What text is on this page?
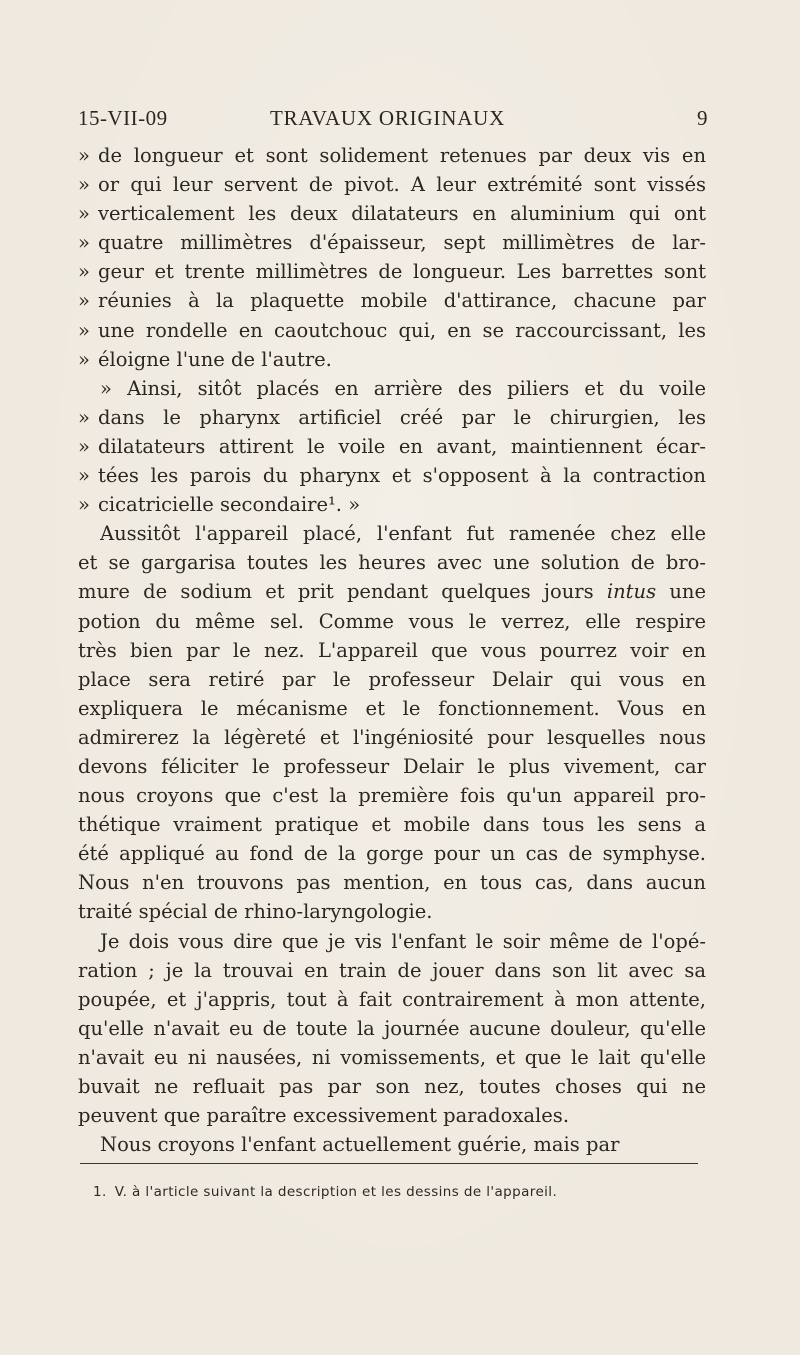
15-VII-09	TRAVAUX ORIGINAUX	9
» de longueur et sont solidement retenues par deux vis en
» or qui leur servent de pivot. A leur extrémité sont vissés
» verticalement les deux dilatateurs en aluminium qui ont
» quatre millimètres d'épaisseur, sept millimètres de lar-
» geur et trente millimètres de longueur. Les barrettes sont
» réunies à la plaquette mobile d'attirance, chacune par
» une rondelle en caoutchouc qui, en se raccourcissant, les
» éloigne l'une de l'autre.
» Ainsi, sitôt placés en arrière des piliers et du voile
» dans le pharynx artificiel créé par le chirurgien, les
» dilatateurs attirent le voile en avant, maintiennent écar-
» tées les parois du pharynx et s'opposent à la contraction
» cicatricielle secondaire¹. »
Aussitôt l'appareil placé, l'enfant fut ramenée chez elle
et se gargarisa toutes les heures avec une solution de bro-
mure de sodium et prit pendant quelques jours intus une
potion du même sel. Comme vous le verrez, elle respire
très bien par le nez. L'appareil que vous pourrez voir en
place sera retiré par le professeur Delair qui vous en
expliquera le mécanisme et le fonctionnement. Vous en
admirerez la légèreté et l'ingéniosité pour lesquelles nous
devons féliciter le professeur Delair le plus vivement, car
nous croyons que c'est la première fois qu'un appareil pro-
thétique vraiment pratique et mobile dans tous les sens a
été appliqué au fond de la gorge pour un cas de symphyse.
Nous n'en trouvons pas mention, en tous cas, dans aucun
traité spécial de rhino-laryngologie.
Je dois vous dire que je vis l'enfant le soir même de l'opé-
ration ; je la trouvai en train de jouer dans son lit avec sa
poupée, et j'appris, tout à fait contrairement à mon attente,
qu'elle n'avait eu de toute la journée aucune douleur, qu'elle
n'avait eu ni nausées, ni vomissements, et que le lait qu'elle
buvait ne refluait pas par son nez, toutes choses qui ne
peuvent que paraître excessivement paradoxales.
Nous croyons l'enfant actuellement guérie, mais par
1. V. à l'article suivant la description et les dessins de l'appareil.
